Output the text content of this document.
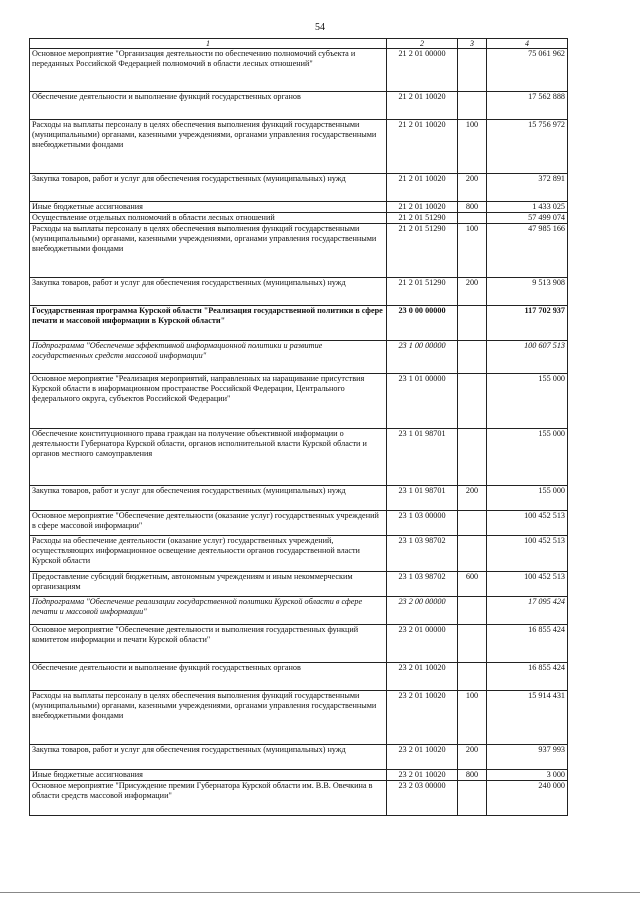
54
1	2	3	4
Основное мероприятие "Организация деятельности по обеспечению полномочий субъекта и переданных Российской Федерацией полномочий в области лесных отношений"	21 2 01 00000		75 061 962
Обеспечение деятельности и выполнение функций государственных органов	21 2 01 10020		17 562 888
Расходы на выплаты персоналу в целях обеспечения выполнения функций государственными (муниципальными) органами, казенными учреждениями, органами управления государственными внебюджетными фондами	21 2 01 10020	100	15 756 972
Закупка товаров, работ и услуг для обеспечения государственных (муниципальных) нужд	21 2 01 10020	200	372 891
Иные бюджетные ассигнования	21 2 01 10020	800	1 433 025
Осуществление отдельных полномочий в области лесных отношений	21 2 01 51290		57 499 074
Расходы на выплаты персоналу в целях обеспечения выполнения функций государственными (муниципальными) органами, казенными учреждениями, органами управления государственными внебюджетными фондами	21 2 01 51290	100	47 985 166
Закупка товаров, работ и услуг для обеспечения государственных (муниципальных) нужд	21 2 01 51290	200	9 513 908
Государственная программа Курской области "Реализация государственной политики в сфере печати и массовой информации в Курской области"	23 0 00 00000		117 702 937
Подпрограмма "Обеспечение эффективной информационной политики и развитие государственных средств массовой информации"	23 1 00 00000		100 607 513
Основное мероприятие "Реализация мероприятий, направленных на наращивание присутствия Курской области в информационном пространстве Российской Федерации, Центрального федерального округа, субъектов Российской Федерации"	23 1 01 00000		155 000
Обеспечение конституционного права граждан на получение объективной информации о деятельности Губернатора Курской области, органов исполнительной власти Курской области и органов местного самоуправления	23 1 01 98701		155 000
Закупка товаров, работ и услуг для обеспечения государственных (муниципальных) нужд	23 1 01 98701	200	155 000
Основное мероприятие "Обеспечение деятельности (оказание услуг) государственных учреждений в сфере массовой информации"	23 1 03 00000		100 452 513
Расходы на обеспечение деятельности (оказание услуг) государственных учреждений, осуществляющих информационное освещение деятельности органов государственной власти Курской области	23 1 03 98702		100 452 513
Предоставление субсидий бюджетным, автономным учреждениям и иным некоммерческим организациям	23 1 03 98702	600	100 452 513
Подпрограмма "Обеспечение реализации государственной политики Курской области в сфере печати и массовой информации"	23 2 00 00000		17 095 424
Основное мероприятие "Обеспечение деятельности и выполнения государственных функций комитетом информации и печати Курской области"	23 2 01 00000		16 855 424
Обеспечение деятельности и выполнение функций государственных органов	23 2 01 10020		16 855 424
Расходы на выплаты персоналу в целях обеспечения выполнения функций государственными (муниципальными) органами, казенными учреждениями, органами управления государственными внебюджетными фондами	23 2 01 10020	100	15 914 431
Закупка товаров, работ и услуг для обеспечения государственных (муниципальных) нужд	23 2 01 10020	200	937 993
Иные бюджетные ассигнования	23 2 01 10020	800	3 000
Основное мероприятие "Присуждение премии Губернатора Курской области им. В.В. Овечкина в области средств массовой информации"	23 2 03 00000		240 000
